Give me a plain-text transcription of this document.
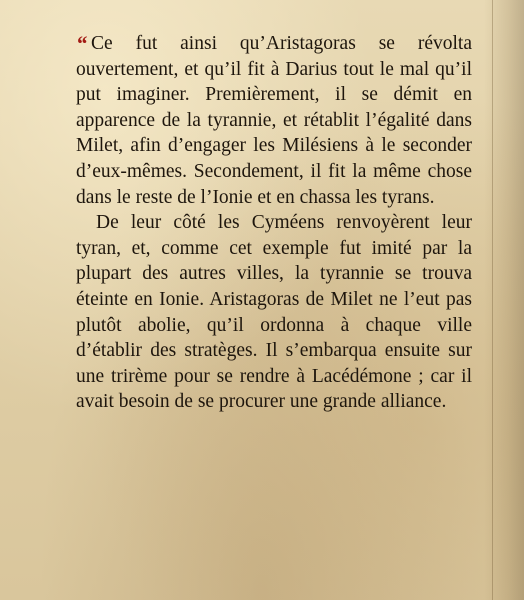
“ Ce fut ainsi qu’Aristagoras se révolta ouvertement, et qu’il fit à Darius tout le mal qu’il put imaginer. Premièrement, il se démit en apparence de la tyrannie, et rétablit l’égalité dans Milet, afin d’engager les Milésiens à le seconder d’eux-mêmes. Secondement, il fit la même chose dans le reste de l’Ionie et en chassa les tyrans.

De leur côté les Cyméens renvoyèrent leur tyran, et, comme cet exemple fut imité par la plupart des autres villes, la tyrannie se trouva éteinte en Ionie. Aristagoras de Milet ne l’eut pas plutôt abolie, qu’il ordonna à chaque ville d’établir des stratèges. Il s’embarqua ensuite sur une trirème pour se rendre à Lacédémone ; car il avait besoin de se procurer une grande alliance.
